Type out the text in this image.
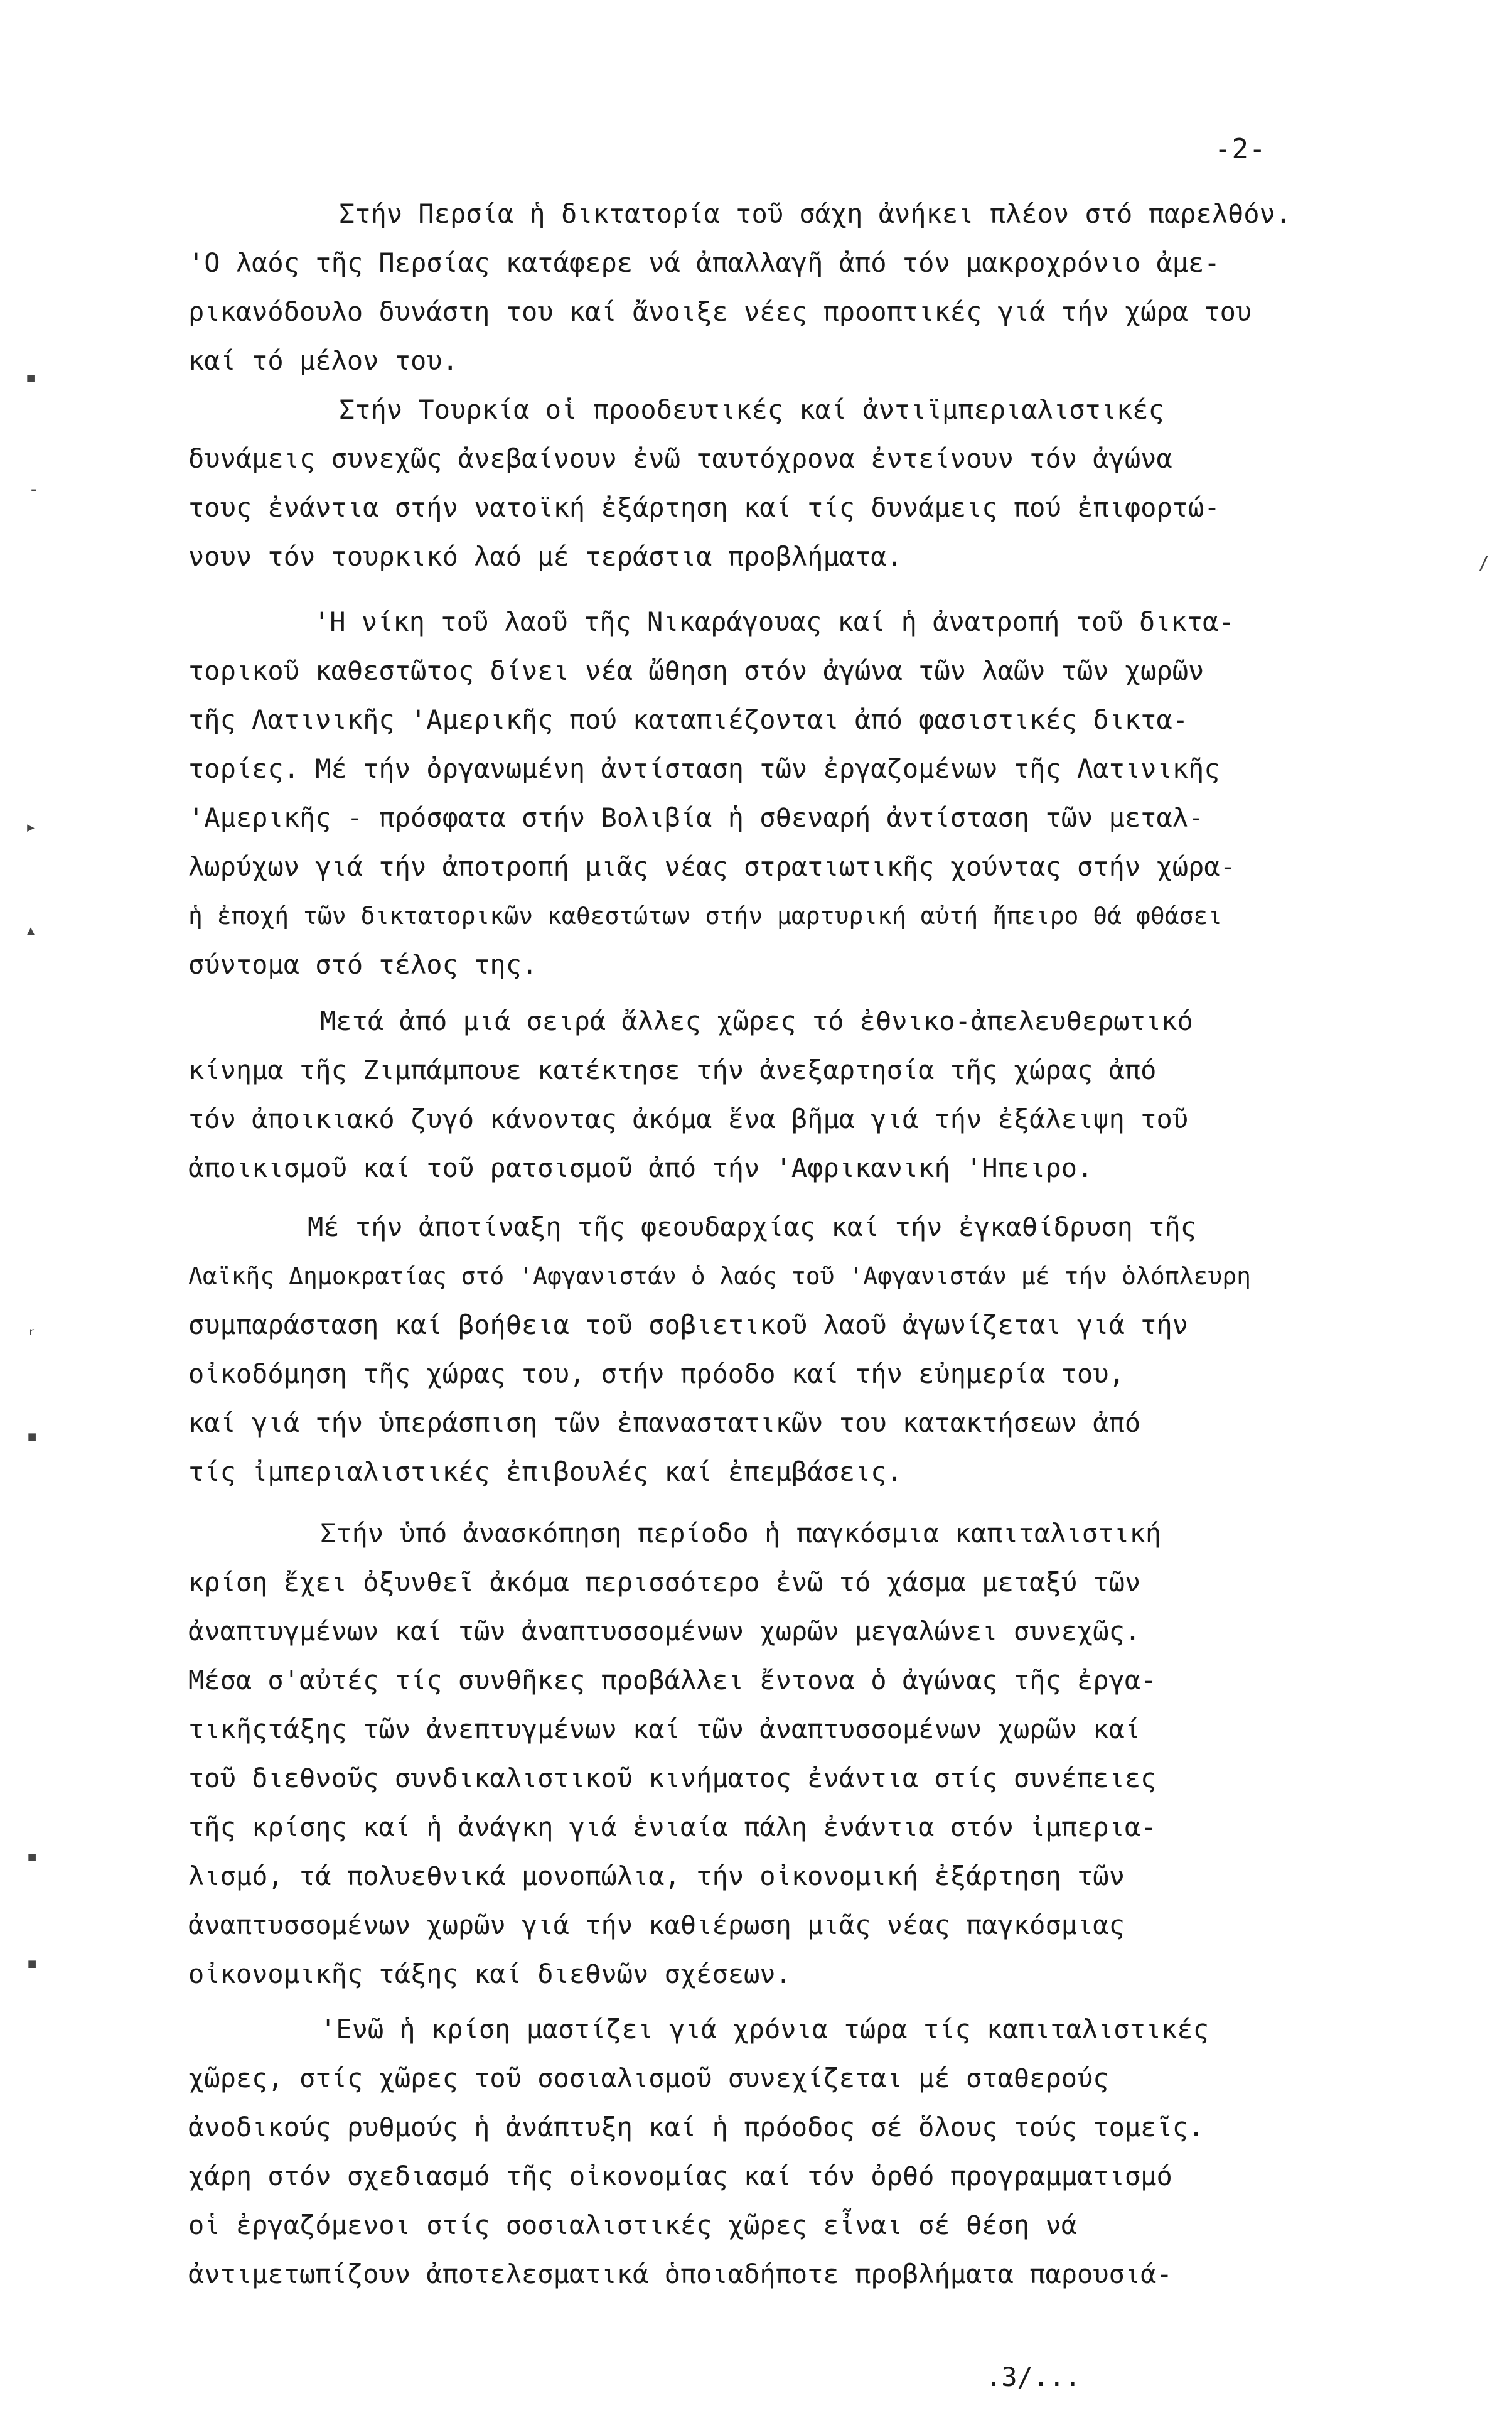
-2-
▪
-
▸
▴
ʳ
▪
▪
▪
/
Στήν Περσία ἡ δικτατορία τοῦ σάχη ἀνήκει πλέον στό παρελθόν.
'Ο λαός τῆς Περσίας κατάφερε νά ἀπαλλαγῆ ἀπό τόν μακροχρόνιο ἀμε-
ρικανόδουλο δυνάστη του καί ἄνοιξε νέες προοπτικές γιά τήν χώρα του
καί τό μέλον του.
Στήν Τουρκία οἱ προοδευτικές καί ἀντιϊμπεριαλιστικές
δυνάμεις συνεχῶς ἀνεβαίνουν ἐνῶ ταυτόχρονα ἐντείνουν τόν ἀγώνα
τους ἐνάντια στήν νατοϊκή ἐξάρτηση καί τίς δυνάμεις πού ἐπιφορτώ-
νουν τόν τουρκικό λαό μέ τεράστια προβλήματα.
'Η νίκη τοῦ λαοῦ τῆς Νικαράγουας καί ἡ ἀνατροπή τοῦ δικτα-
τορικοῦ καθεστῶτος δίνει νέα ὤθηση στόν ἀγώνα τῶν λαῶν τῶν χωρῶν
τῆς Λατινικῆς 'Αμερικῆς πού καταπιέζονται ἀπό φασιστικές δικτα-
τορίες. Μέ τήν ὀργανωμένη ἀντίσταση τῶν ἐργαζομένων τῆς Λατινικῆς
'Αμερικῆς - πρόσφατα στήν Βολιβία ἡ σθεναρή ἀντίσταση τῶν μεταλ-
λωρύχων γιά τήν ἀποτροπή μιᾶς νέας στρατιωτικῆς χούντας στήν χώρα-
ἡ ἐποχή τῶν δικτατορικῶν καθεστώτων στήν μαρτυρική αὐτή ἤπειρο θά φθάσει
σύντομα στό τέλος της.
Μετά ἀπό μιά σειρά ἄλλες χῶρες τό ἐθνικο-ἀπελευθερωτικό
κίνημα τῆς Ζιμπάμπουε κατέκτησε τήν ἀνεξαρτησία τῆς χώρας ἀπό
τόν ἀποικιακό ζυγό κάνοντας ἀκόμα ἕνα βῆμα γιά τήν ἐξάλειψη τοῦ
ἀποικισμοῦ καί τοῦ ρατσισμοῦ ἀπό τήν 'Αφρικανική 'Ηπειρο.
Μέ τήν ἀποτίναξη τῆς φεουδαρχίας καί τήν ἐγκαθίδρυση τῆς
Λαϊκῆς Δημοκρατίας στό 'Αφγανιστάν ὁ λαός τοῦ 'Αφγανιστάν μέ τήν ὁλόπλευρη
συμπαράσταση καί βοήθεια τοῦ σοβιετικοῦ λαοῦ ἀγωνίζεται γιά τήν
οἰκοδόμηση τῆς χώρας του, στήν πρόοδο καί τήν εὐημερία του,
καί γιά τήν ὑπεράσπιση τῶν ἐπαναστατικῶν του κατακτήσεων ἀπό
τίς ἰμπεριαλιστικές ἐπιβουλές καί ἐπεμβάσεις.
Στήν ὑπό ἀνασκόπηση περίοδο ἡ παγκόσμια καπιταλιστική
κρίση ἔχει ὀξυνθεῖ ἀκόμα περισσότερο ἐνῶ τό χάσμα μεταξύ τῶν
ἀναπτυγμένων καί τῶν ἀναπτυσσομένων χωρῶν μεγαλώνει συνεχῶς.
Μέσα σ'αὐτές τίς συνθῆκες προβάλλει ἔντονα ὁ ἀγώνας τῆς ἐργα-
τικῆςτάξης τῶν ἀνεπτυγμένων καί τῶν ἀναπτυσσομένων χωρῶν καί
τοῦ διεθνοῦς συνδικαλιστικοῦ κινήματος ἐνάντια στίς συνέπειες
τῆς κρίσης καί ἡ ἀνάγκη γιά ἑνιαία πάλη ἐνάντια στόν ἰμπερια-
λισμό, τά πολυεθνικά μονοπώλια, τήν οἰκονομική ἐξάρτηση τῶν
ἀναπτυσσομένων χωρῶν γιά τήν καθιέρωση μιᾶς νέας παγκόσμιας
οἰκονομικῆς τάξης καί διεθνῶν σχέσεων.
'Ενῶ ἡ κρίση μαστίζει γιά χρόνια τώρα τίς καπιταλιστικές
χῶρες, στίς χῶρες τοῦ σοσιαλισμοῦ συνεχίζεται μέ σταθερούς
ἀνοδικούς ρυθμούς ἡ ἀνάπτυξη καί ἡ πρόοδος σέ ὅλους τούς τομεῖς.
χάρη στόν σχεδιασμό τῆς οἰκονομίας καί τόν ὀρθό προγραμματισμό
οἱ ἐργαζόμενοι στίς σοσιαλιστικές χῶρες εἶναι σέ θέση νά
ἀντιμετωπίζουν ἀποτελεσματικά ὁποιαδήποτε προβλήματα παρουσιά-
.3/...
